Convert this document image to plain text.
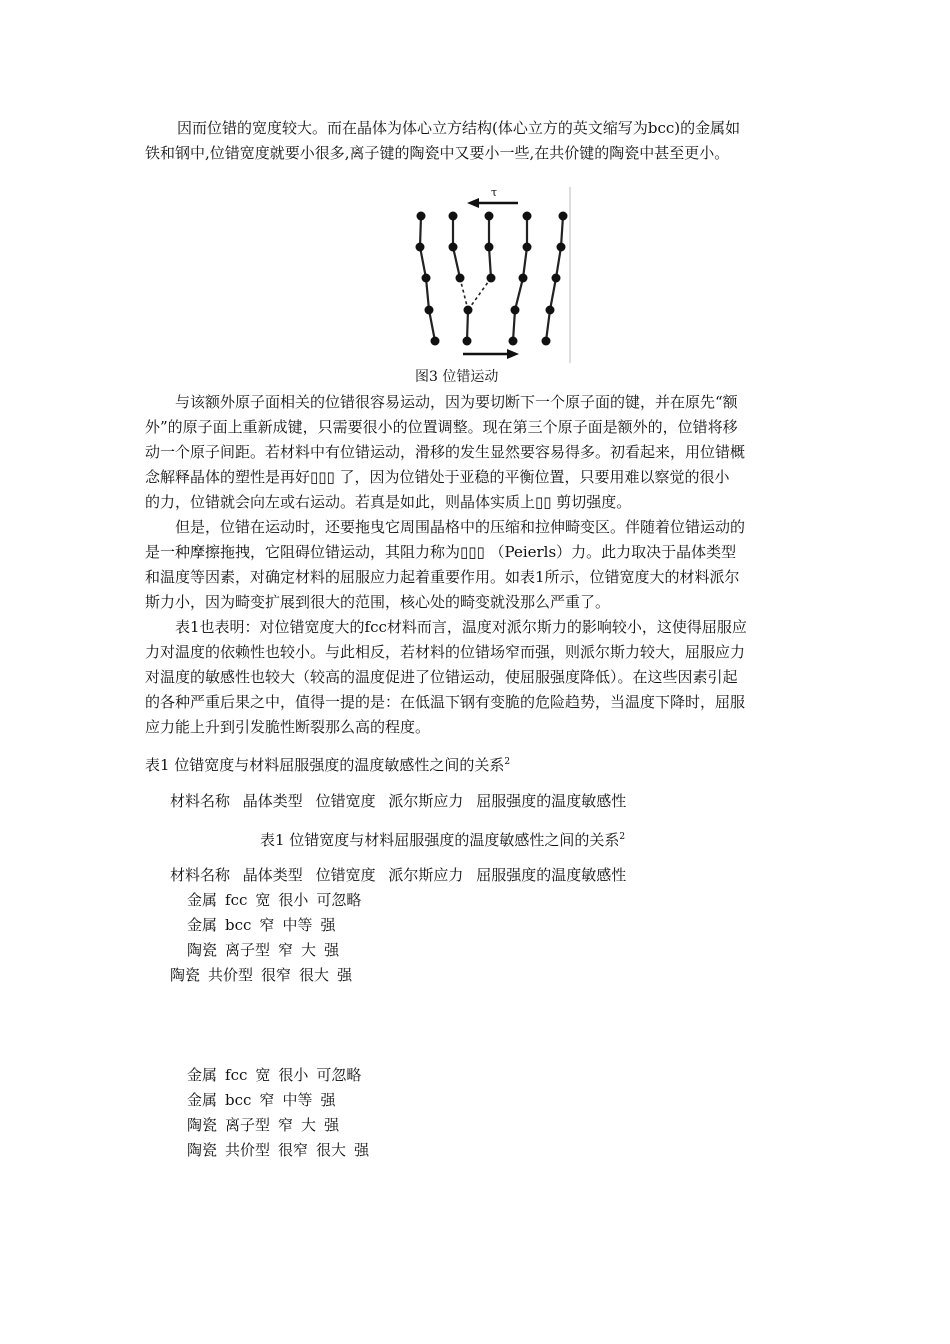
因而位错的宽度较大。而在晶体为体心立方结构(体心立方的英文缩写为bcc)的金属如
铁和钢中,位错宽度就要小很多,离子键的陶瓷中又要小一些,在共价键的陶瓷中甚至更小。
τ
图3 位错运动
与该额外原子面相关的位错很容易运动，因为要切断下一个原子面的键，并在原先“额
外”的原子面上重新成键，只需要很小的位置调整。现在第三个原子面是额外的，位错将移
动一个原子间距。若材料中有位错运动，滑移的发生显然要容易得多。初看起来，用位错概
念解释晶体的塑性是再好▯▯▯ 了，因为位错处于亚稳的平衡位置，只要用难以察觉的很小
的力，位错就会向左或右运动。若真是如此，则晶体实质上▯▯ 剪切强度。
但是，位错在运动时，还要拖曳它周围晶格中的压缩和拉伸畸变区。伴随着位错运动的
是一种摩擦拖拽，它阻碍位错运动，其阻力称为▯▯▯ （Peierls）力。此力取决于晶体类型
和温度等因素，对确定材料的屈服应力起着重要作用。如表1所示，位错宽度大的材料派尔
斯力小，因为畸变扩展到很大的范围，核心处的畸变就没那么严重了。
表1也表明：对位错宽度大的fcc材料而言，温度对派尔斯力的影响较小，这使得屈服应
力对温度的依赖性也较小。与此相反，若材料的位错场窄而强，则派尔斯力较大，屈服应力
对温度的敏感性也较大（较高的温度促进了位错运动，使屈服强度降低）。在这些因素引起
的各种严重后果之中，值得一提的是：在低温下钢有变脆的危险趋势，当温度下降时，屈服
应力能上升到引发脆性断裂那么高的程度。
表1 位错宽度与材料屈服强度的温度敏感性之间的关系$^2$
材料名称 晶体类型 位错宽度 派尔斯应力 屈服强度的温度敏感性
表1 位错宽度与材料屈服强度的温度敏感性之间的关系$^2$
材料名称 晶体类型 位错宽度 派尔斯应力 屈服强度的温度敏感性
金属 fcc 宽 很小 可忽略
金属 bcc 窄 中等 强
陶瓷 离子型 窄 大 强
陶瓷 共价型 很窄 很大 强
金属 fcc 宽 很小 可忽略
金属 bcc 窄 中等 强
陶瓷 离子型 窄 大 强
陶瓷 共价型 很窄 很大 强
